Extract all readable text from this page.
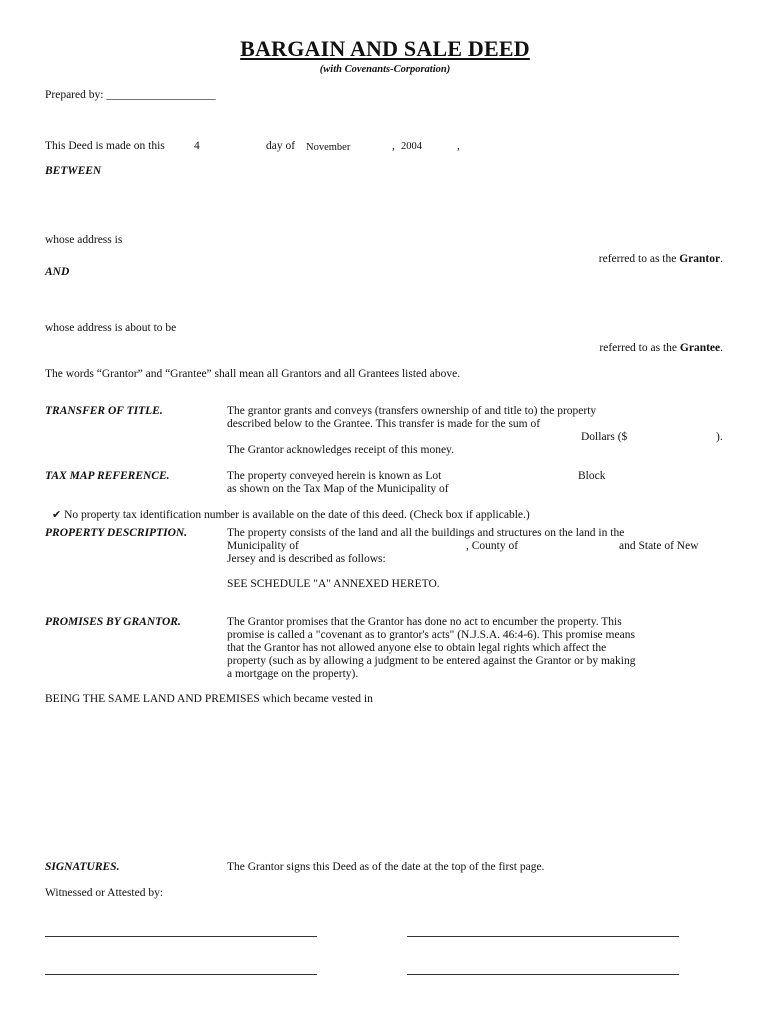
BARGAIN AND SALE DEED
(with Covenants-Corporation)
Prepared by: ___________________
This Deed is made on this	4	day of November	, 2004	,
BETWEEN
whose address is
referred to as the Grantor.
AND
whose address is about to be
referred to as the Grantee.
The words “Grantor” and “Grantee” shall mean all Grantors and all Grantees listed above.
TRANSFER OF TITLE.	The grantor grants and conveys (transfers ownership of and title to) the property
described below to the Grantee. This transfer is made for the sum of
Dollars ($	).
The Grantor acknowledges receipt of this money.
TAX MAP REFERENCE.	The property conveyed herein is known as Lot	Block
as shown on the Tax Map of the Municipality of
✔ No property tax identification number is available on the date of this deed. (Check box if applicable.)
PROPERTY DESCRIPTION.	The property consists of the land and all the buildings and structures on the land in the
Municipality of	, County of	and State of New
Jersey and is described as follows:
SEE SCHEDULE "A" ANNEXED HERETO.
PROMISES BY GRANTOR.	The Grantor promises that the Grantor has done no act to encumber the property. This
promise is called a "covenant as to grantor's acts" (N.J.S.A. 46:4-6). This promise means
that the Grantor has not allowed anyone else to obtain legal rights which affect the
property (such as by allowing a judgment to be entered against the Grantor or by making
a mortgage on the property).
BEING THE SAME LAND AND PREMISES which became vested in
SIGNATURES.	The Grantor signs this Deed as of the date at the top of the first page.
Witnessed or Attested by:
